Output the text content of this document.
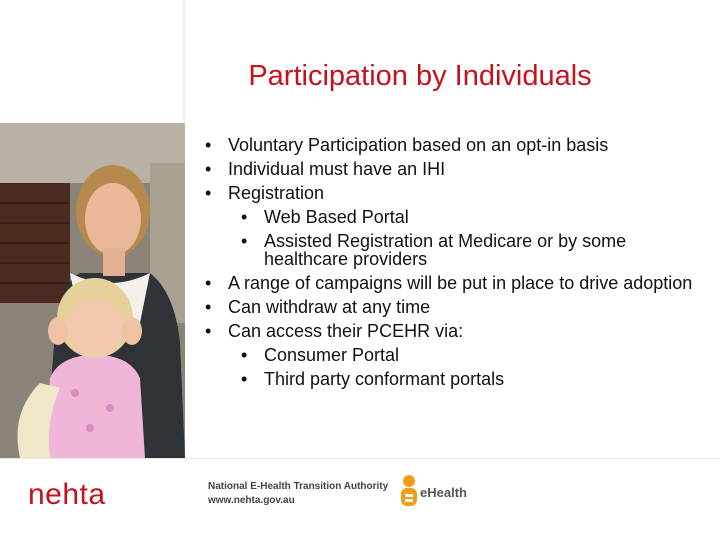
Participation by Individuals
• Voluntary Participation based on an opt-in basis
• Individual must have an IHI
• Registration
• Web Based Portal
• Assisted Registration at Medicare or by some healthcare providers
• A range of campaigns will be put in place to drive adoption
• Can withdraw at any time
• Can access their PCEHR via:
• Consumer Portal
• Third party conformant portals
nehta	National E-Health Transition Authority
www.nehta.gov.au
eHealth
